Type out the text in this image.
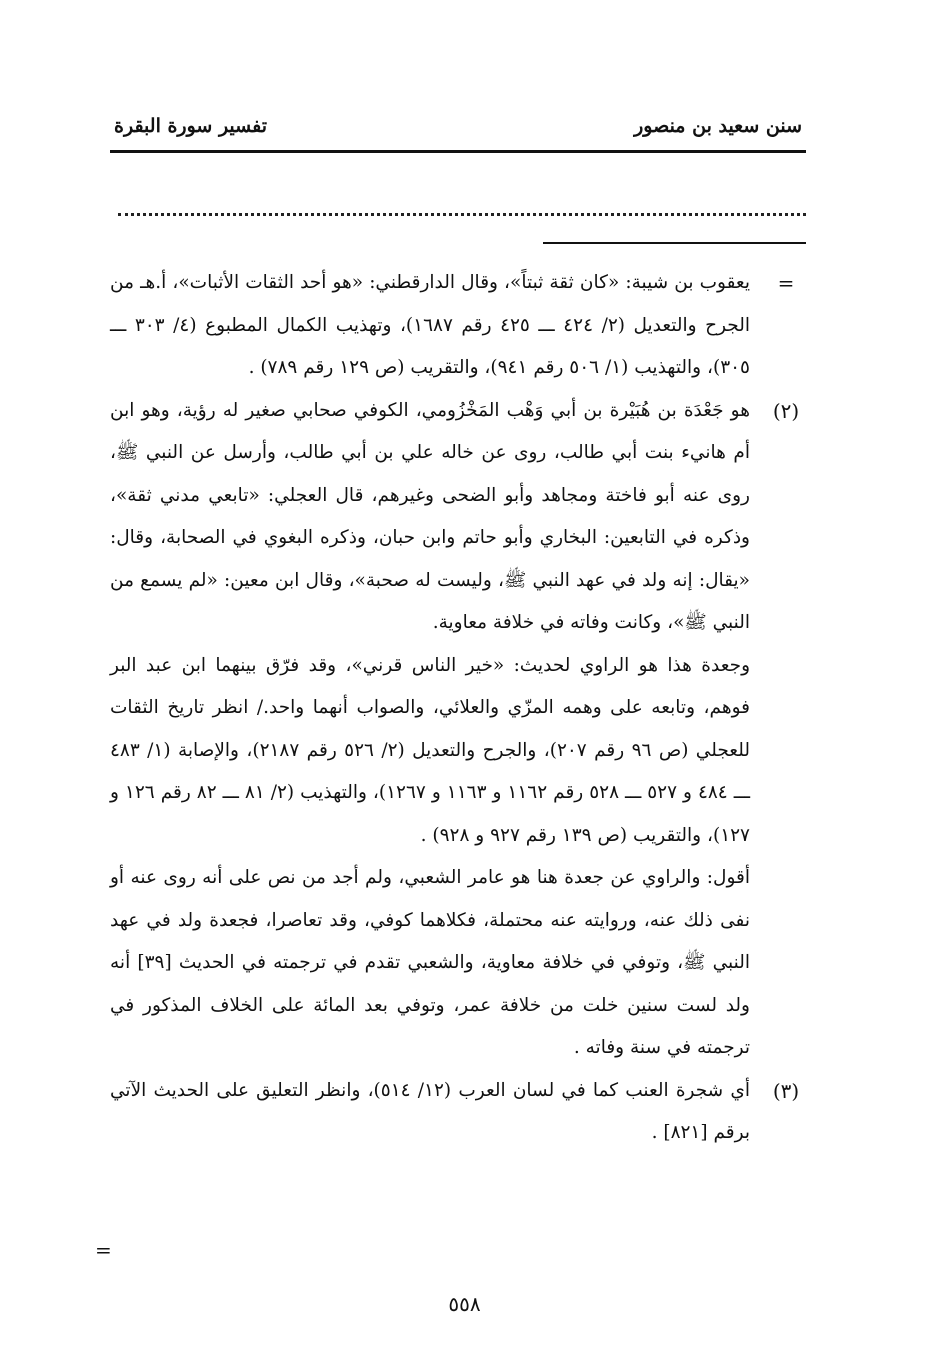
سنن سعيد بن منصور
تفسير سورة البقرة
=

يعقوب بن شيبة: «كان ثقة ثبتاً»، وقال الدارقطني: «هو أحد الثقات الأثبات»، أ.هـ من الجرح والتعديل (٢/ ٤٢٤ ـــ ٤٢٥ رقم ١٦٨٧)، وتهذيب الكمال المطبوع (٤/ ٣٠٣ ـــ ٣٠٥)، والتهذيب (١/ ٥٠٦ رقم ٩٤١)، والتقريب (ص ١٢٩ رقم ٧٨٩) .

(٢)

هو جَعْدَة بن هُبَيْرة بن أبي وَهْب المَخْزُومي، الكوفي صحابي صغير له رؤية، وهو ابن أم هانيء بنت أبي طالب، روى عن خاله علي بن أبي طالب، وأرسل عن النبي ﷺ، روى عنه أبو فاختة ومجاهد وأبو الضحى وغيرهم، قال العجلي: «تابعي مدني ثقة»، وذكره في التابعين: البخاري وأبو حاتم وابن حبان، وذكره البغوي في الصحابة، وقال: «يقال: إنه ولد في عهد النبي ﷺ، وليست له صحبة»، وقال ابن معين: «لم يسمع من النبي ﷺ»، وكانت وفاته في خلافة معاوية.

وجعدة هذا هو الراوي لحديث: «خير الناس قرني»، وقد فرّق بينهما ابن عبد البر فوهم، وتابعه على وهمه المزّي والعلائي، والصواب أنهما واحد./ انظر تاريخ الثقات للعجلي (ص ٩٦ رقم ٢٠٧)، والجرح والتعديل (٢/ ٥٢٦ رقم ٢١٨٧)، والإصابة (١/ ٤٨٣ ـــ ٤٨٤ و ٥٢٧ ـــ ٥٢٨ رقم ١١٦٢ و ١١٦٣ و ١٢٦٧)، والتهذيب (٢/ ٨١ ـــ ٨٢ رقم ١٢٦ و ١٢٧)، والتقريب (ص ١٣٩ رقم ٩٢٧ و ٩٢٨) .

أقول: والراوي عن جعدة هنا هو عامر الشعبي، ولم أجد من نص على أنه روى عنه أو نفى ذلك عنه، وروايته عنه محتملة، فكلاهما كوفي، وقد تعاصرا، فجعدة ولد في عهد النبي ﷺ، وتوفي في خلافة معاوية، والشعبي تقدم في ترجمته في الحديث [٣٩] أنه ولد لست سنين خلت من خلافة عمر، وتوفي بعد المائة على الخلاف المذكور في ترجمته في سنة وفاته .

(٣)

أي شجرة العنب كما في لسان العرب (١٢/ ٥١٤)، وانظر التعليق على الحديث الآتي برقم [٨٢١] .

=
٥٥٨
